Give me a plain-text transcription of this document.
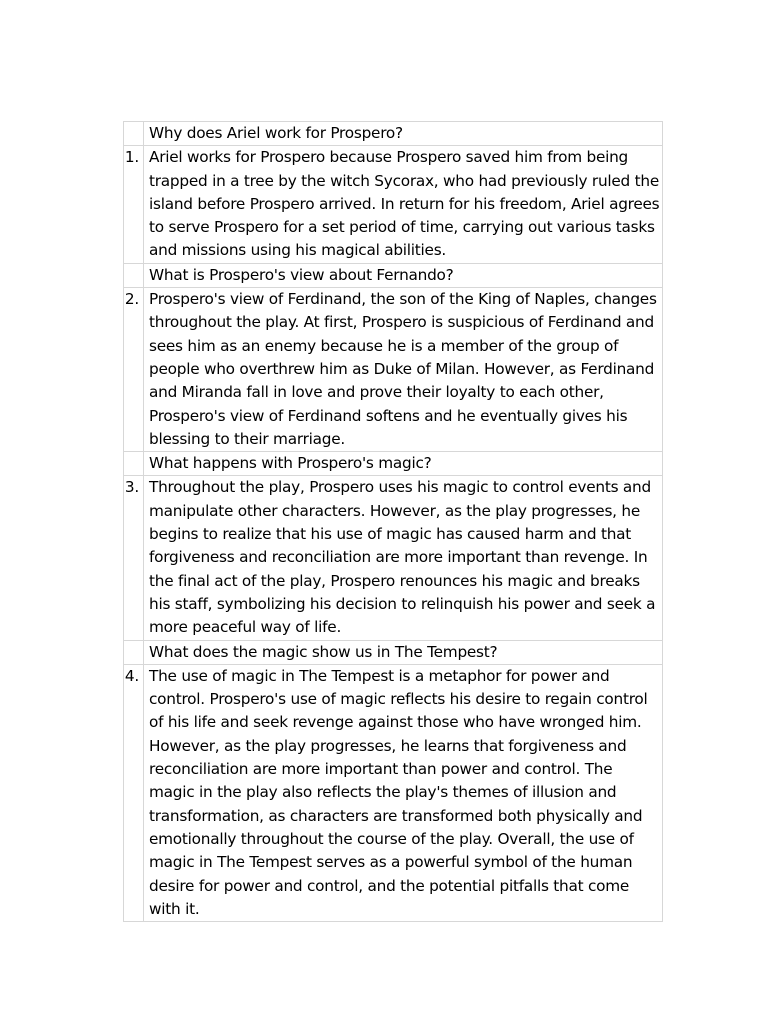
	Why does Ariel work for Prospero?
1.	Ariel works for Prospero because Prospero saved him from being trapped in a tree by the witch Sycorax, who had previously ruled the island before Prospero arrived. In return for his freedom, Ariel agrees to serve Prospero for a set period of time, carrying out various tasks and missions using his magical abilities.
	What is Prospero's view about Fernando?
2.	Prospero's view of Ferdinand, the son of the King of Naples, changes throughout the play. At first, Prospero is suspicious of Ferdinand and sees him as an enemy because he is a member of the group of people who overthrew him as Duke of Milan. However, as Ferdinand and Miranda fall in love and prove their loyalty to each other, Prospero's view of Ferdinand softens and he eventually gives his blessing to their marriage.
	What happens with Prospero's magic?
3.	Throughout the play, Prospero uses his magic to control events and manipulate other characters. However, as the play progresses, he begins to realize that his use of magic has caused harm and that forgiveness and reconciliation are more important than revenge. In the final act of the play, Prospero renounces his magic and breaks his staff, symbolizing his decision to relinquish his power and seek a more peaceful way of life.
	What does the magic show us in The Tempest?
4.	The use of magic in The Tempest is a metaphor for power and control. Prospero's use of magic reflects his desire to regain control of his life and seek revenge against those who have wronged him. However, as the play progresses, he learns that forgiveness and reconciliation are more important than power and control. The magic in the play also reflects the play's themes of illusion and transformation, as characters are transformed both physically and emotionally throughout the course of the play. Overall, the use of magic in The Tempest serves as a powerful symbol of the human desire for power and control, and the potential pitfalls that come with it.
